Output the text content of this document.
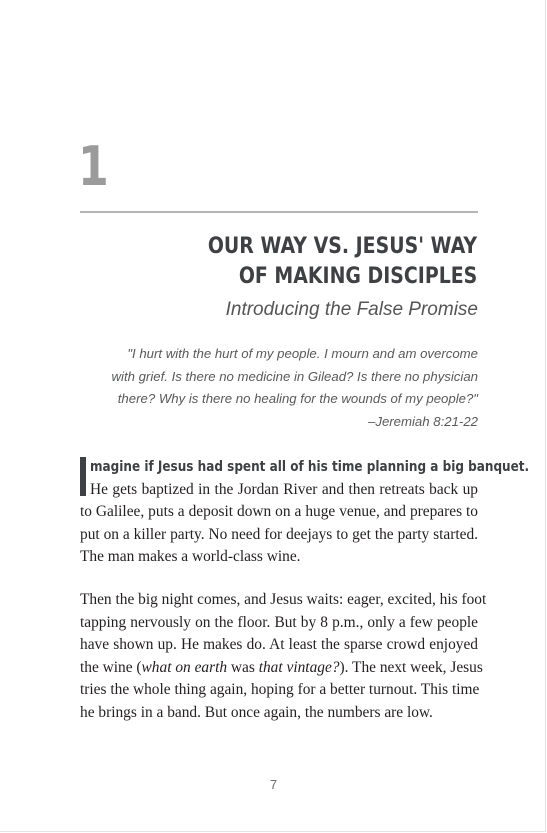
1
OUR WAY VS. JESUS' WAY
OF MAKING DISCIPLES
Introducing the False Promise
"I hurt with the hurt of my people. I mourn and am overcome
with grief. Is there no medicine in Gilead? Is there no physician
there? Why is there no healing for the wounds of my people?"
–Jeremiah 8:21-22
magine if Jesus had spent all of his time planning a big banquet.
He gets baptized in the Jordan River and then retreats back up
to Galilee, puts a deposit down on a huge venue, and prepares to
put on a killer party. No need for deejays to get the party started.
The man makes a world-class wine.
Then the big night comes, and Jesus waits: eager, excited, his foot
tapping nervously on the floor. But by 8 p.m., only a few people
have shown up. He makes do. At least the sparse crowd enjoyed
the wine (what on earth was that vintage?). The next week, Jesus
tries the whole thing again, hoping for a better turnout. This time
he brings in a band. But once again, the numbers are low.
7
